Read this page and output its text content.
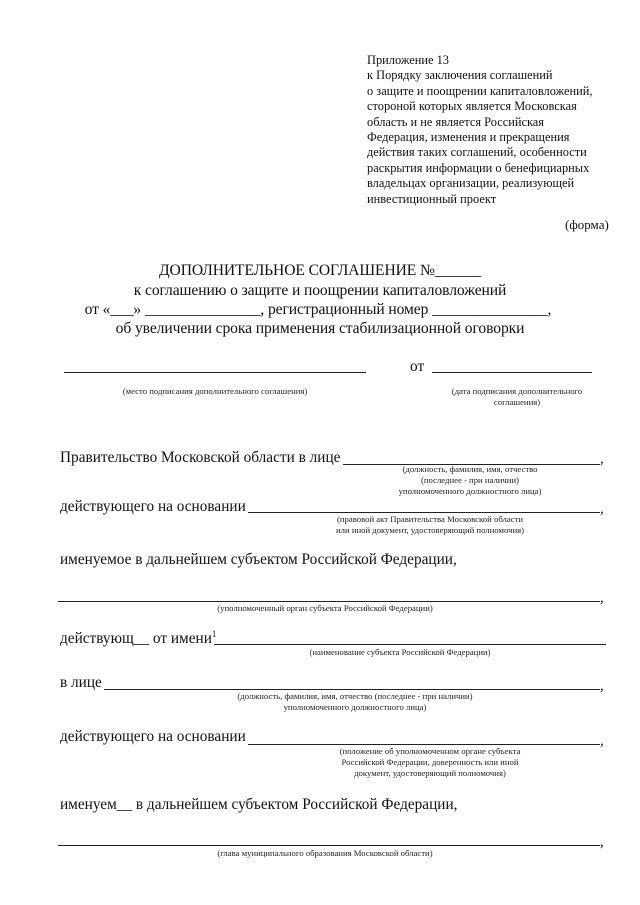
Приложение 13
к Порядку заключения соглашений
о защите и поощрении капиталовложений,
стороной которых является Московская
область и не является Российская
Федерация, изменения и прекращения
действия таких соглашений, особенности
раскрытия информации о бенефициарных
владельцах организации, реализующей
инвестиционный проект
(форма)
ДОПОЛНИТЕЛЬНОЕ СОГЛАШЕНИЕ №______
к соглашению о защите и поощрении капиталовложений
от «___» _______________, регистрационный номер _______________,
об увеличении срока применения стабилизационной оговорки
от
(место подписания дополнительного соглашения)	(дата подписания дополнительного
соглашения)
Правительство Московской области в лице	,
(должность, фамилия, имя, отчество
(последнее - при наличии)
уполномоченного должностного лица)
действующего на основании	,
(правовой акт Правительства Московской области
или иной документ, удостоверяющий полномочия)
именуемое в дальнейшем субъектом Российской Федерации,
,
(уполномоченный орган субъекта Российской Федерации)
действующ__ от имени$^1$
(наименование субъекта Российской Федерации)
в лице	,
(должность, фамилия, имя, отчество (последнее - при наличии)
уполномоченного должностного лица)
действующего на основании	,
(положение об уполномоченном органе субъекта
Российской Федерации, доверенность или иной
документ, удостоверяющий полномочия)
именуем__ в дальнейшем субъектом Российской Федерации,
,
(глава муниципального образования Московской области)
